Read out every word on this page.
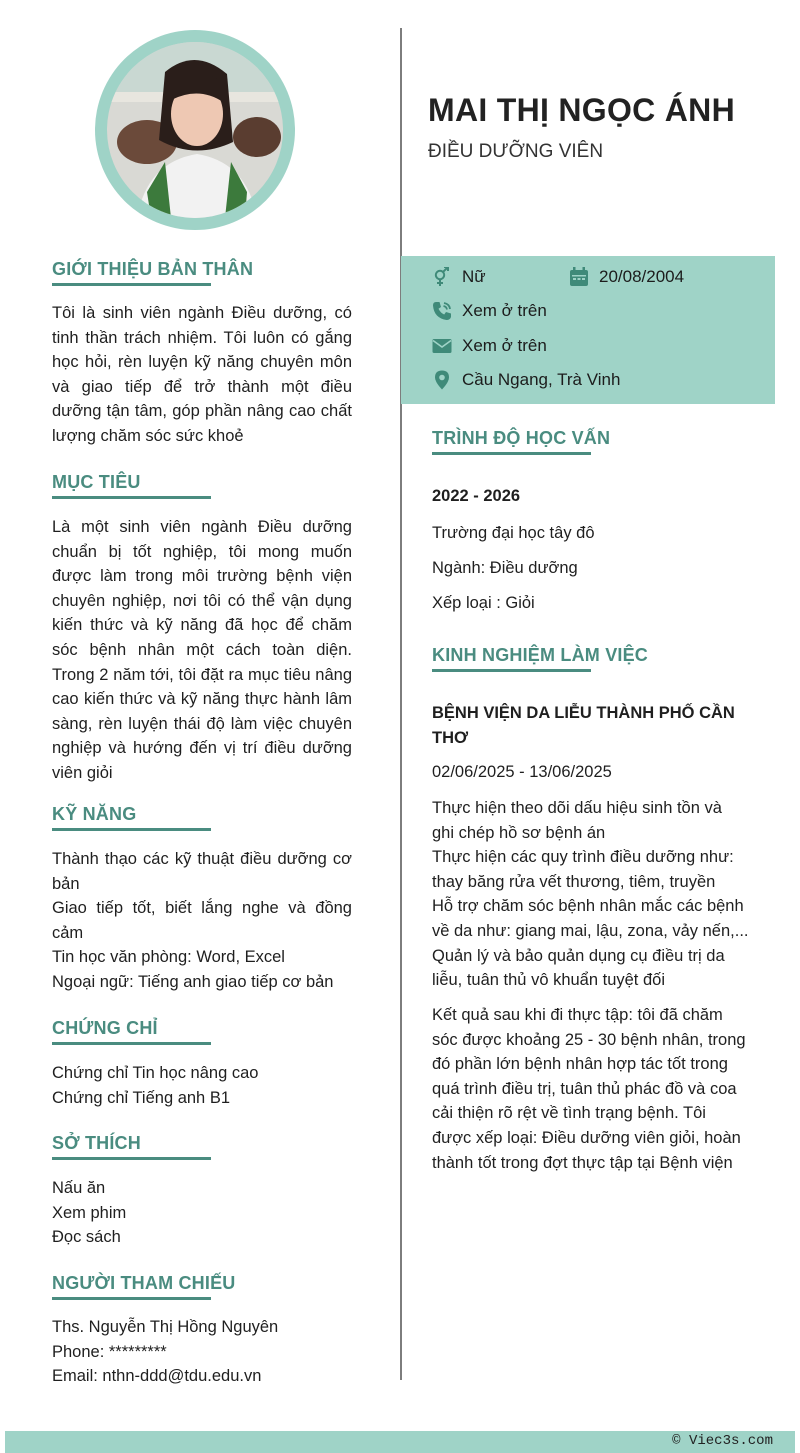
MAI THỊ NGỌC ÁNH
ĐIỀU DƯỠNG VIÊN
Nữ	20/08/2004
Xem ở trên
Xem ở trên
Cầu Ngang, Trà Vinh
GIỚI THIỆU BẢN THÂN
Tôi là sinh viên ngành Điều dưỡng, có tinh thần trách nhiệm. Tôi luôn có gắng học hỏi, rèn luyện kỹ năng chuyên môn và giao tiếp để trở thành một điều dưỡng tận tâm, góp phần nâng cao chất lượng chăm sóc sức khoẻ
MỤC TIÊU
Là một sinh viên ngành Điều dưỡng chuẩn bị tốt nghiệp, tôi mong muốn được làm trong môi trường bệnh viện chuyên nghiệp, nơi tôi có thể vận dụng kiến thức và kỹ năng đã học để chăm sóc bệnh nhân một cách toàn diện. Trong 2 năm tới, tôi đặt ra mục tiêu nâng cao kiến thức và kỹ năng thực hành lâm sàng, rèn luyện thái độ làm việc chuyên nghiệp và hướng đến vị trí điều dưỡng viên giỏi
KỸ NĂNG
Thành thạo các kỹ thuật điều dưỡng cơ bản
Giao tiếp tốt, biết lắng nghe và đồng cảm
Tin học văn phòng: Word, Excel
Ngoại ngữ: Tiếng anh giao tiếp cơ bản
CHỨNG CHỈ
Chứng chỉ Tin học nâng cao
Chứng chỉ Tiếng anh B1
SỞ THÍCH
Nấu ăn
Xem phim
Đọc sách
NGƯỜI THAM CHIẾU
Ths. Nguyễn Thị Hồng Nguyên
Phone: *********
Email: nthn-ddd@tdu.edu.vn
TRÌNH ĐỘ HỌC VẤN
2022 - 2026
Trường đại học tây đô
Ngành: Điều dưỡng
Xếp loại : Giỏi
KINH NGHIỆM LÀM VIỆC
BỆNH VIỆN DA LIỄU THÀNH PHỐ CẦN
THƠ
02/06/2025 - 13/06/2025
Thực hiện theo dõi dấu hiệu sinh tồn và
ghi chép hồ sơ bệnh án
Thực hiện các quy trình điều dưỡng như:
thay băng rửa vết thương, tiêm, truyền
Hỗ trợ chăm sóc bệnh nhân mắc các bệnh
về da như: giang mai, lậu, zona, vảy nến,...
Quản lý và bảo quản dụng cụ điều trị da
liễu, tuân thủ vô khuẩn tuyệt đối
Kết quả sau khi đi thực tập: tôi đã chăm
sóc được khoảng 25 - 30 bệnh nhân, trong
đó phần lớn bệnh nhân hợp tác tốt trong
quá trình điều trị, tuân thủ phác đồ và coa
cải thiện rõ rệt về tình trạng bệnh. Tôi
được xếp loại: Điều dưỡng viên giỏi, hoàn
thành tốt trong đợt thực tập tại Bệnh viện
© Viec3s.com
